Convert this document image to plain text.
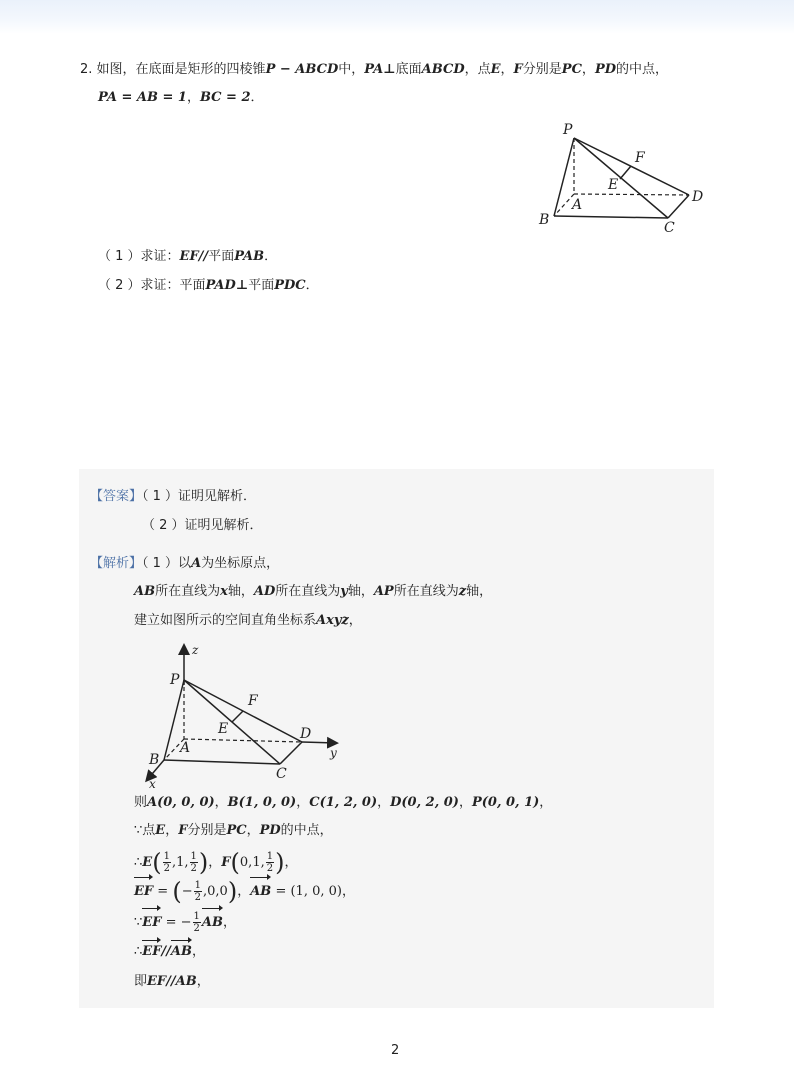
2. 如图，在底面是矩形的四棱锥P − ABCD中，PA⊥底面ABCD，点E，F分别是PC，PD的中点，
PA = AB = 1，BC = 2．
P
F
E
A	D
B	C
（ 1 ）求证：EF//平面PAB．
（ 2 ）求证：平面PAD⊥平面PDC．
【答案】（ 1 ）证明见解析．
（ 2 ）证明见解析．
【解析】（ 1 ）以A为坐标原点，
AB所在直线为x轴，AD所在直线为y轴，AP所在直线为z轴，
建立如图所示的空间直角坐标系Axyz，
z
P
F
E
A
D
y
B
C
x
则A(0, 0, 0)，B(1, 0, 0)，C(1, 2, 0)，D(0, 2, 0)，P(0, 0, 1)，
∵点E，F分别是PC，PD的中点，
∴E( $\frac{1}{2} ,1$, $\frac{1}{2}$ )，F(0,1, $\frac{1}{2}$ )，
EF = (− $\frac{1}{2} ,0,0$)，AB = (1, 0, 0)，
∵EF = − $\frac{1}{2}$ AB，
∴EF//AB，
即EF//AB，
2
